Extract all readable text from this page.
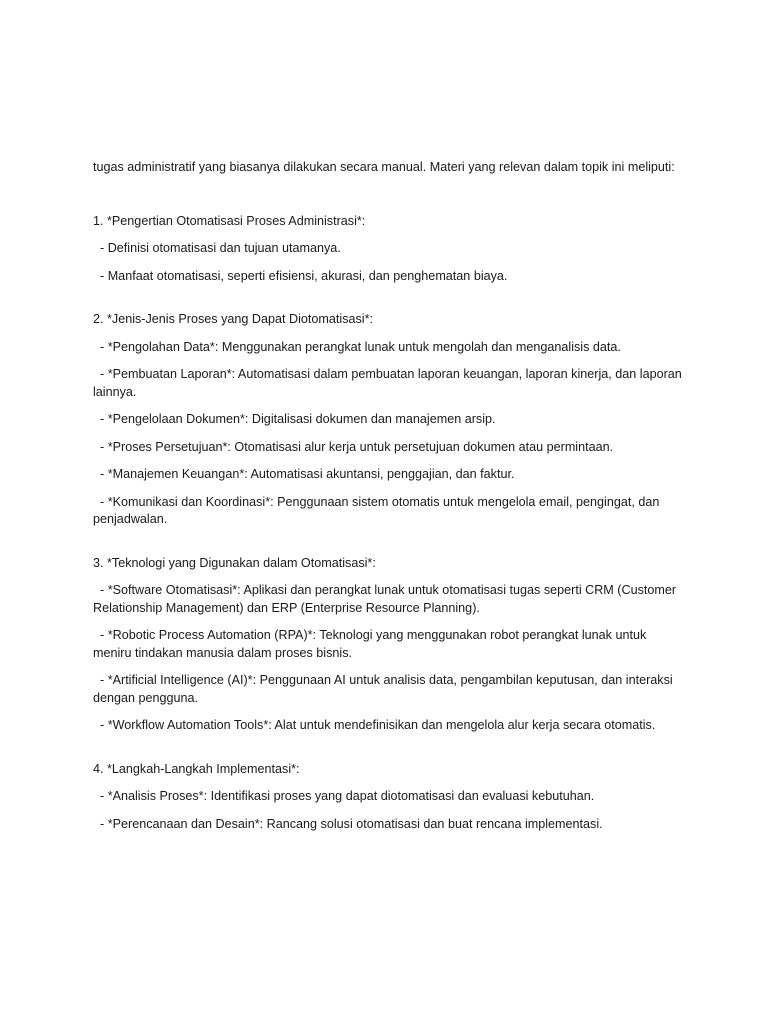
tugas administratif yang biasanya dilakukan secara manual. Materi yang relevan dalam topik ini meliputi:

1. *Pengertian Otomatisasi Proses Administrasi*:

- Definisi otomatisasi dan tujuan utamanya.

- Manfaat otomatisasi, seperti efisiensi, akurasi, dan penghematan biaya.

2. *Jenis-Jenis Proses yang Dapat Diotomatisasi*:

- *Pengolahan Data*: Menggunakan perangkat lunak untuk mengolah dan menganalisis data.

- *Pembuatan Laporan*: Automatisasi dalam pembuatan laporan keuangan, laporan kinerja, dan laporan lainnya.

- *Pengelolaan Dokumen*: Digitalisasi dokumen dan manajemen arsip.

- *Proses Persetujuan*: Otomatisasi alur kerja untuk persetujuan dokumen atau permintaan.

- *Manajemen Keuangan*: Automatisasi akuntansi, penggajian, dan faktur.

- *Komunikasi dan Koordinasi*: Penggunaan sistem otomatis untuk mengelola email, pengingat, dan penjadwalan.

3. *Teknologi yang Digunakan dalam Otomatisasi*:

- *Software Otomatisasi*: Aplikasi dan perangkat lunak untuk otomatisasi tugas seperti CRM (Customer Relationship Management) dan ERP (Enterprise Resource Planning).

- *Robotic Process Automation (RPA)*: Teknologi yang menggunakan robot perangkat lunak untuk meniru tindakan manusia dalam proses bisnis.

- *Artificial Intelligence (AI)*: Penggunaan AI untuk analisis data, pengambilan keputusan, dan interaksi dengan pengguna.

- *Workflow Automation Tools*: Alat untuk mendefinisikan dan mengelola alur kerja secara otomatis.

4. *Langkah-Langkah Implementasi*:

- *Analisis Proses*: Identifikasi proses yang dapat diotomatisasi dan evaluasi kebutuhan.

- *Perencanaan dan Desain*: Rancang solusi otomatisasi dan buat rencana implementasi.
